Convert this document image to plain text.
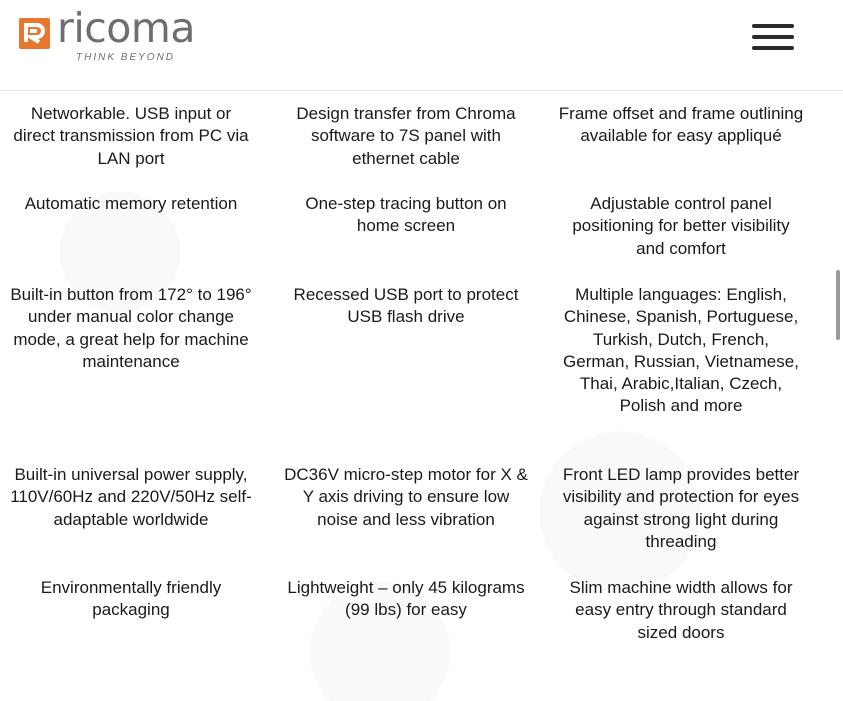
ricoma
THINK BEYOND
Networkable. USB input or direct transmission from PC via LAN port
Design transfer from Chroma software to 7S panel with ethernet cable
Frame offset and frame outlining available for easy appliqué
Automatic memory retention	One-step tracing button on home screen
Adjustable control panel positioning for better visibility and comfort
Built-in button from 172° to 196° under manual color change mode, a great help for machine maintenance
Recessed USB port to protect USB flash drive
Multiple languages: English, Chinese, Spanish, Portuguese, Turkish, Dutch, French, German, Russian, Vietnamese, Thai, Arabic,Italian, Czech, Polish and more
Built-in universal power supply, 110V/60Hz and 220V/50Hz self-adaptable worldwide
DC36V micro-step motor for X & Y axis driving to ensure low noise and less vibration
Front LED lamp provides better visibility and protection for eyes against strong light during threading
Environmentally friendly packaging
Lightweight – only 45 kilograms (99 lbs) for easy
Slim machine width allows for easy entry through standard sized doors
